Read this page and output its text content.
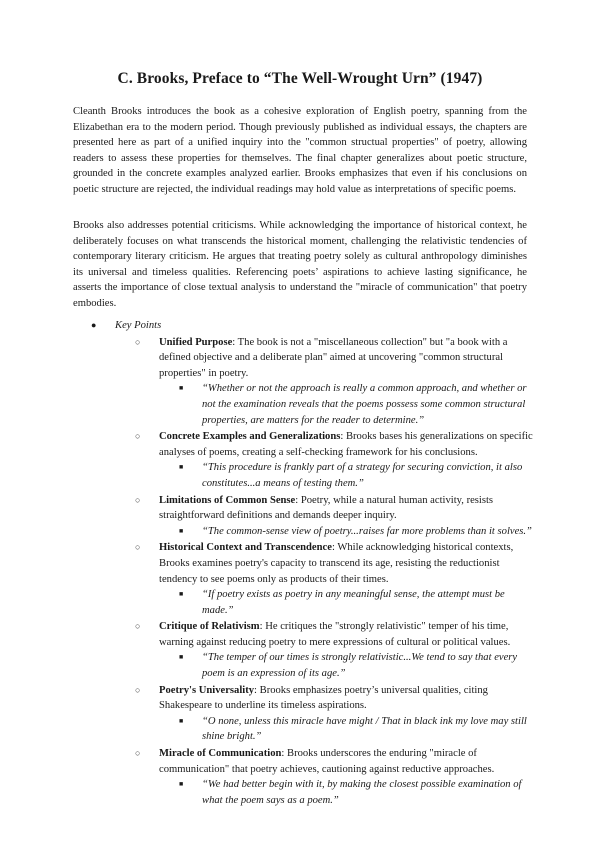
C. Brooks, Preface to “The Well-Wrought Urn” (1947)

Cleanth Brooks introduces the book as a cohesive exploration of English poetry, spanning from the Elizabethan era to the modern period. Though previously published as individual essays, the chapters are presented here as part of a unified inquiry into the "common structual properties" of poetry, allowing readers to assess these properties for themselves. The final chapter generalizes about poetic structure, grounded in the concrete examples analyzed earlier. Brooks emphasizes that even if his conclusions on poetic structure are rejected, the individual readings may hold value as interpretations of specific poems.

Brooks also addresses potential criticisms. While acknowledging the importance of historical context, he deliberately focuses on what transcends the historical moment, challenging the relativistic tendencies of contemporary literary criticism. He argues that treating poetry solely as cultural anthropology diminishes its universal and timeless qualities. Referencing poets’ aspirations to achieve lasting significance, he asserts the importance of close textual analysis to understand the "miracle of communication" that poetry embodies.

● Key Points
○ Unified Purpose: The book is not a "miscellaneous collection" but "a book with a defined objective and a deliberate plan" aimed at uncovering "common structural properties" in poetry.
■ “Whether or not the approach is really a common approach, and whether or not the examination reveals that the poems possess some common structural properties, are matters for the reader to determine.”
○ Concrete Examples and Generalizations: Brooks bases his generalizations on specific analyses of poems, creating a self-checking framework for his conclusions.
■ “This procedure is frankly part of a strategy for securing conviction, it also constitutes...a means of testing them.”
○ Limitations of Common Sense: Poetry, while a natural human activity, resists straightforward definitions and demands deeper inquiry.
■ “The common-sense view of poetry...raises far more problems than it solves.”
○ Historical Context and Transcendence: While acknowledging historical contexts, Brooks examines poetry's capacity to transcend its age, resisting the reductionist tendency to see poems only as products of their times.
■ “If poetry exists as poetry in any meaningful sense, the attempt must be made.”
○ Critique of Relativism: He critiques the "strongly relativistic" temper of his time, warning against reducing poetry to mere expressions of cultural or political values.
■ “The temper of our times is strongly relativistic...We tend to say that every poem is an expression of its age.”
○ Poetry's Universality: Brooks emphasizes poetry’s universal qualities, citing Shakespeare to underline its timeless aspirations.
■ “O none, unless this miracle have might / That in black ink my love may still shine bright.”
○ Miracle of Communication: Brooks underscores the enduring "miracle of communication" that poetry achieves, cautioning against reductive approaches.
■ “We had better begin with it, by making the closest possible examination of what the poem says as a poem.”
